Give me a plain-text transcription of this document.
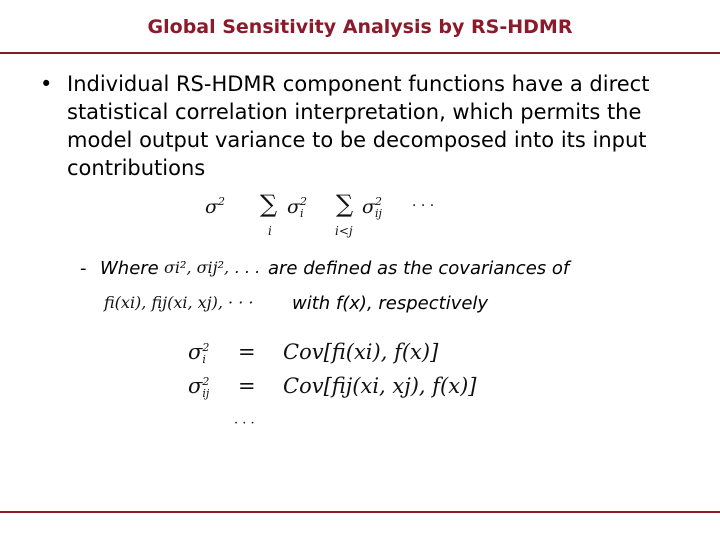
Global Sensitivity Analysis by RS-HDMR
• Individual RS-HDMR component functions have a direct statistical correlation interpretation, which permits the model output variance to be decomposed into its input contributions
$\sigma^2$ ∑
i
$\sigma^2_i$ ∑
i<j
$\sigma^2_{ij}$ · · ·
- Where σi², σij², . . . are defined as the covariances of
fi(xi), fij(xi, xj), · · · with f(x), respectively
$\sigma^2i = Cov[fi(xi)$, f(x)]
$\sigma^2ij = Cov[fij(xi$, xj), f(x)]
· · ·
